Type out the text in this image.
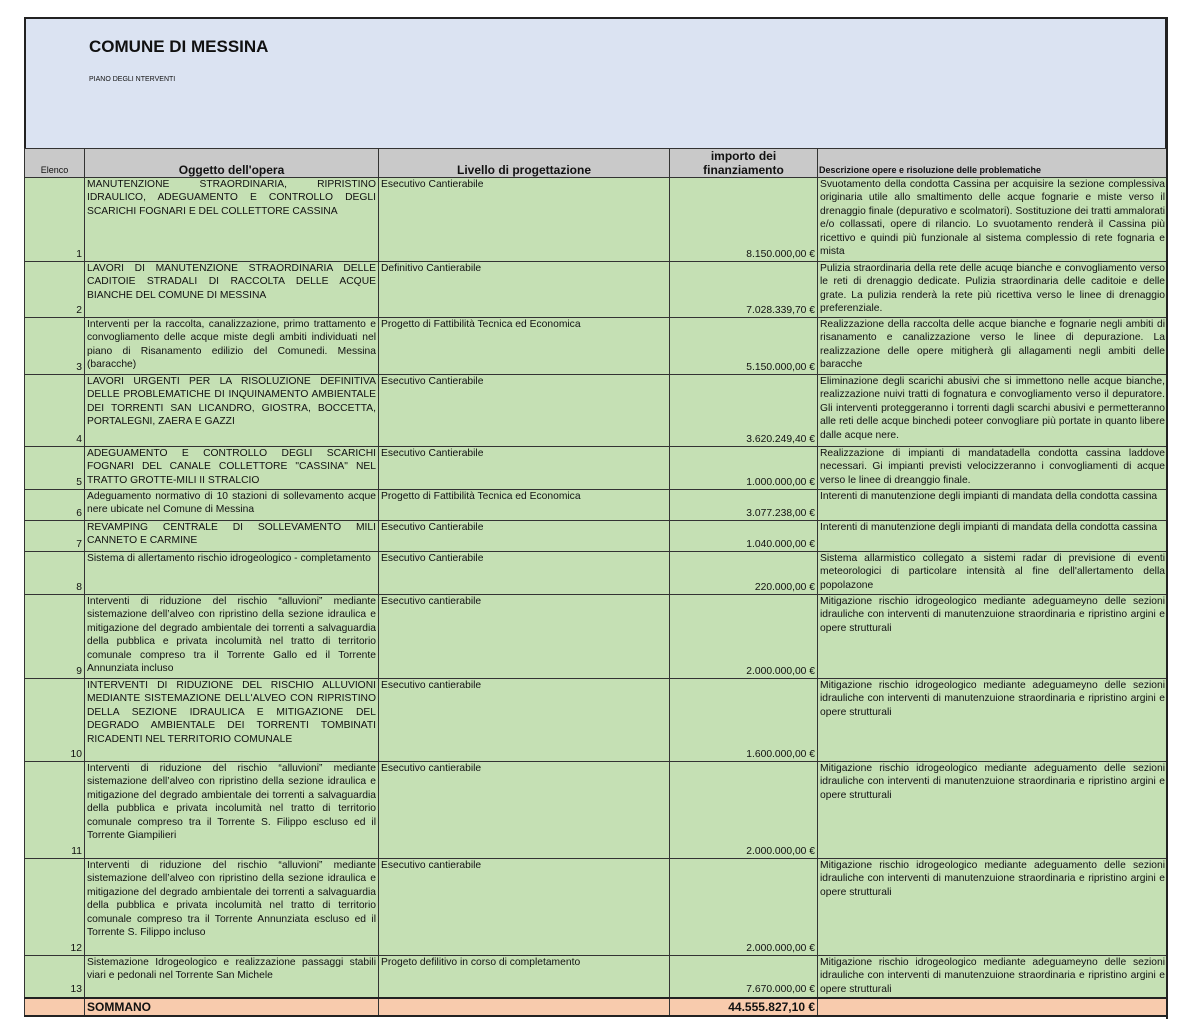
COMUNE DI MESSINA
PIANO DEGLI NTERVENTI
Elenco	Oggetto dell'opera	Livello di progettazione	importo dei finanziamento	Descrizione opere e risoluzione delle problematiche
1	MANUTENZIONE STRAORDINARIA, RIPRISTINO IDRAULICO, ADEGUAMENTO E CONTROLLO DEGLI SCARICHI FOGNARI E DEL COLLETTORE CASSINA	Esecutivo Cantierabile	8.150.000,00 €	Svuotamento della condotta Cassina per acquisire la sezione complessiva originaria utile allo smaltimento delle acque fognarie e miste verso il drenaggio finale (depurativo e scolmatori). Sostituzione dei tratti ammalorati e/o collassati, opere di rilancio. Lo svuotamento renderà il Cassina più ricettivo e quindi più funzionale al sistema complessio di rete fognaria e mista
2	LAVORI DI MANUTENZIONE STRAORDINARIA DELLE CADITOIE STRADALI DI RACCOLTA DELLE ACQUE BIANCHE DEL COMUNE DI MESSINA	Definitivo Cantierabile	7.028.339,70 €	Pulizia straordinaria della rete delle acuqe bianche e convogliamento verso le reti di drenaggio dedicate. Pulizia straordinaria delle caditoie e delle grate. La pulizia renderà la rete più ricettiva verso le linee di drenaggio preferenziale.
3	Interventi per la raccolta, canalizzazione, primo trattamento e convogliamento delle acque miste degli ambiti individuati nel piano di Risanamento edilizio del Comunedi. Messina (baracche)	Progetto di Fattibilità Tecnica ed Economica	5.150.000,00 €	Realizzazione della raccolta delle acque bianche e fognarie negli ambiti di risanamento e canalizzazione verso le linee di depurazione. La realizzazione delle opere mitigherà gli allagamenti negli ambiti delle baracche
4	LAVORI URGENTI PER LA RISOLUZIONE DEFINITIVA DELLE PROBLEMATICHE DI INQUINAMENTO AMBIENTALE DEI TORRENTI SAN LICANDRO, GIOSTRA, BOCCETTA, PORTALEGNI, ZAERA E GAZZI	Esecutivo Cantierabile	3.620.249,40 €	Eliminazione degli scarichi abusivi che si immettono nelle acque bianche, realizzazione nuivi tratti di fognatura e convogliamento verso il depuratore. Gli interventi proteggeranno i torrenti dagli scarchi abusivi e permetteranno alle reti delle acque binchedi poteer convogliare più portate in quanto libere dalle acque nere.
5	ADEGUAMENTO E CONTROLLO DEGLI SCARICHI FOGNARI DEL CANALE COLLETTORE "CASSINA" NEL TRATTO GROTTE-MILI II STRALCIO	Esecutivo Cantierabile	1.000.000,00 €	Realizzazione di impianti di mandatadella condotta cassina laddove necessari. Gi impianti previsti velocizzeranno i convogliamenti di acque verso le linee di dreanggio finale.
6	Adeguamento normativo di 10 stazioni di sollevamento acque nere ubicate nel Comune di Messina	Progetto di Fattibilità Tecnica ed Economica	3.077.238,00 €	Interenti di manutenzione degli impianti di mandata della condotta cassina
7	REVAMPING CENTRALE DI SOLLEVAMENTO MILI CANNETO E CARMINE	Esecutivo Cantierabile	1.040.000,00 €	Interenti di manutenzione degli impianti di mandata della condotta cassina
8	Sistema di allertamento rischio idrogeologico - completamento	Esecutivo Cantierabile	220.000,00 €	Sistema allarmistico collegato a sistemi radar di previsione di eventi meteorologici di particolare intensità al fine dell'allertamento della popolazone
9	Interventi di riduzione del rischio “alluvioni” mediante sistemazione dell’alveo con ripristino della sezione idraulica e mitigazione del degrado ambientale dei torrenti a salvaguardia della pubblica e privata incolumità nel tratto di territorio comunale compreso tra il Torrente Gallo ed il Torrente Annunziata incluso	Esecutivo cantierabile	2.000.000,00 €	Mitigazione rischio idrogeologico mediante adeguameyno delle sezioni idrauliche con interventi di manutenzuione straordinaria e ripristino argini e opere strutturali
10	INTERVENTI DI RIDUZIONE DEL RISCHIO ALLUVIONI MEDIANTE SISTEMAZIONE DELL'ALVEO CON RIPRISTINO DELLA SEZIONE IDRAULICA E MITIGAZIONE DEL DEGRADO AMBIENTALE DEI TORRENTI TOMBINATI RICADENTI NEL TERRITORIO COMUNALE	Esecutivo cantierabile	1.600.000,00 €	Mitigazione rischio idrogeologico mediante adeguameyno delle sezioni idrauliche con interventi di manutenzuione straordinaria e ripristino argini e opere strutturali
11	Interventi di riduzione del rischio “alluvioni” mediante sistemazione dell’alveo con ripristino della sezione idraulica e mitigazione del degrado ambientale dei torrenti a salvaguardia della pubblica e privata incolumità nel tratto di territorio comunale compreso tra il Torrente S. Filippo escluso ed il Torrente Giampilieri	Esecutivo cantierabile	2.000.000,00 €	Mitigazione rischio idrogeologico mediante adeguamento delle sezioni idrauliche con interventi di manutenzuione straordinaria e ripristino argini e opere strutturali
12	Interventi di riduzione del rischio “alluvioni” mediante sistemazione dell’alveo con ripristino della sezione idraulica e mitigazione del degrado ambientale dei torrenti a salvaguardia della pubblica e privata incolumità nel tratto di territorio comunale compreso tra il Torrente Annunziata escluso ed il Torrente S. Filippo incluso	Esecutivo cantierabile	2.000.000,00 €	Mitigazione rischio idrogeologico mediante adeguamento delle sezioni idrauliche con interventi di manutenzuione straordinaria e ripristino argini e opere strutturali
13	Sistemazione Idrogeologico e realizzazione passaggi stabili viari e pedonali nel Torrente San Michele	Progeto defilitivo in corso di completamento	7.670.000,00 €	Mitigazione rischio idrogeologico mediante adeguameyno delle sezioni idrauliche con interventi di manutenzuione straordinaria e ripristino argini e opere strutturali
	SOMMANO		44.555.827,10 €	
